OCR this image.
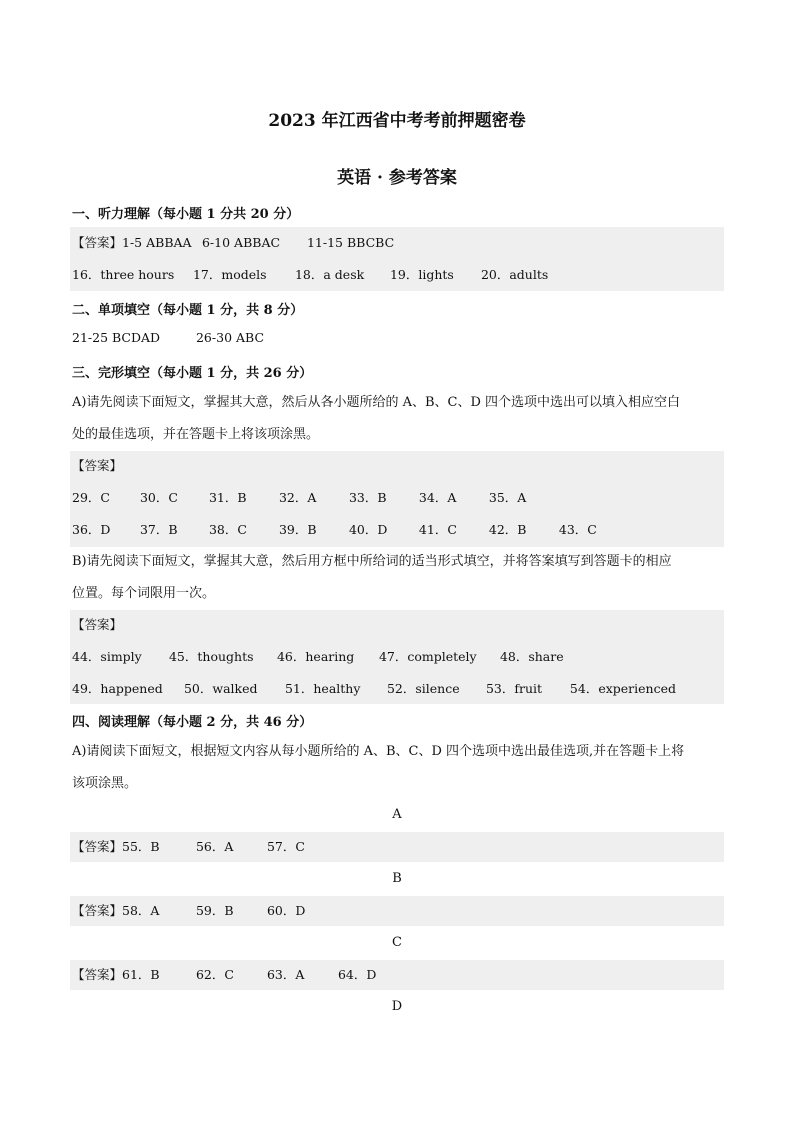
2023 年江西省中考考前押题密卷
英语 · 参考答案
一、听力理解（每小题 1 分共 20 分）
【答案】1-5 ABBAA 6-10 ABBAC 11-15 BBCBC
16．three hours 17．models 18．a desk 19．lights 20．adults
二、单项填空（每小题 1 分，共 8 分）
21-25 BCDAD	26-30 ABC
三、完形填空（每小题 1 分，共 26 分）
A)请先阅读下面短文，掌握其大意，然后从各小题所给的 A、B、C、D 四个选项中选出可以填入相应空白
处的最佳选项，并在答题卡上将该项涂黑。
【答案】
29．C 30．C 31．B	32．A	33．B	34．A	35．A
36．D 37．B	38．C	39．B	40．D	41．C	42．B	43．C
B)请先阅读下面短文，掌握其大意，然后用方框中所给词的适当形式填空，并将答案填写到答题卡的相应
位置。每个词限用一次。
【答案】
44．simply 45．thoughts 46．hearing 47．completely 48．share
49．happened 50．walked 51．healthy 52．silence 53．fruit 54．experienced
四、阅读理解（每小题 2 分，共 46 分）
A)请阅读下面短文，根据短文内容从每小题所给的 A、B、C、D 四个选项中选出最佳选项,并在答题卡上将
该项涂黑。
A
【答案】55．B	56．A	57．C
B
【答案】58．A	59．B	60．D
C
【答案】61．B	62．C	63．A	64．D
D
